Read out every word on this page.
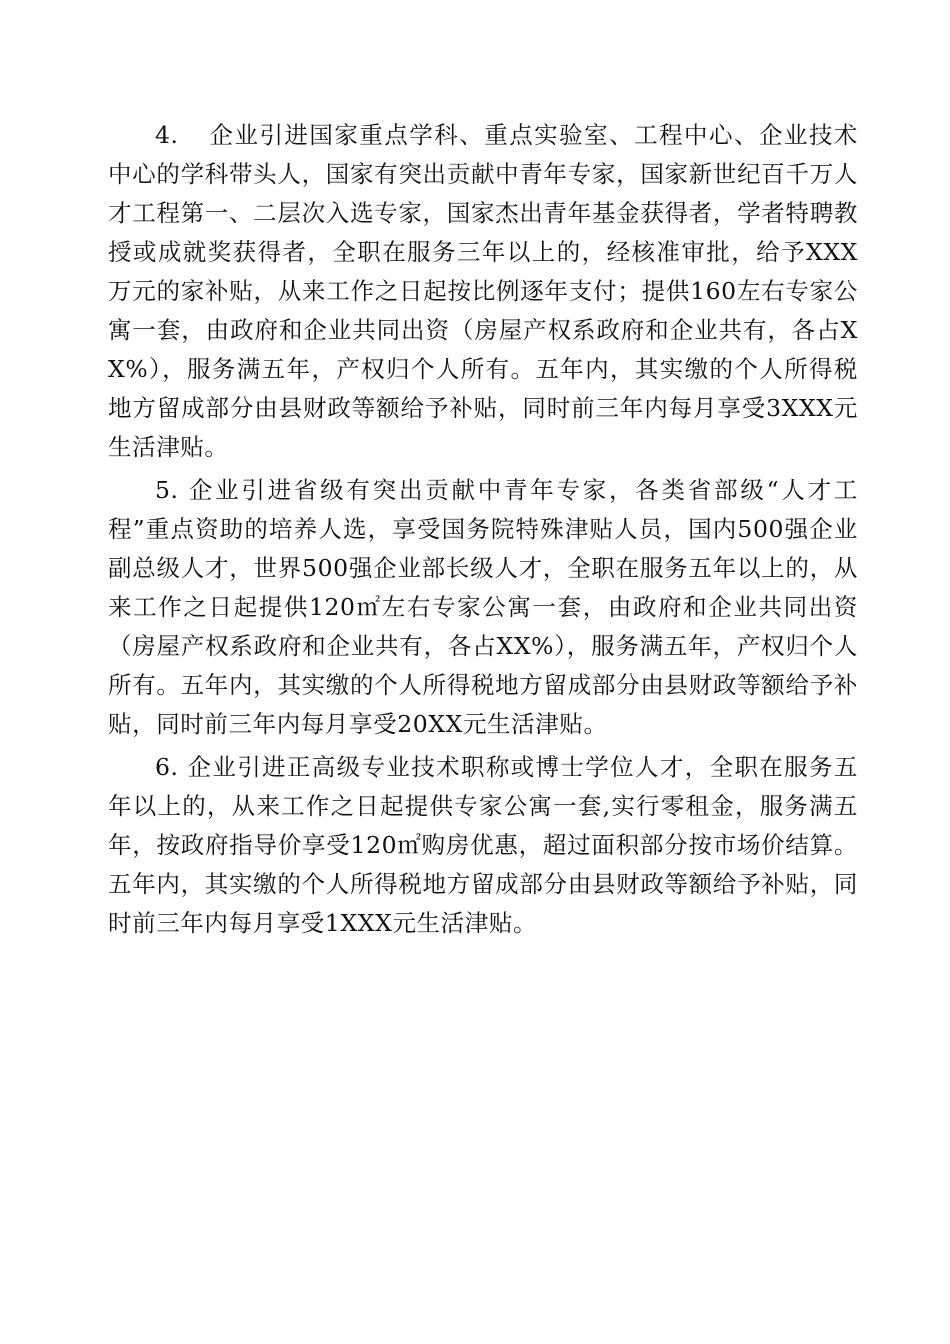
4. 企业引进国家重点学科、重点实验室、工程中心、企业技术中心的学科带头人，国家有突出贡献中青年专家，国家新世纪百千万人才工程第一、二层次入选专家，国家杰出青年基金获得者，学者特聘教授或成就奖获得者，全职在服务三年以上的，经核准审批，给予XXX万元的家补贴，从来工作之日起按比例逐年支付；提供160左右专家公寓一套，由政府和企业共同出资（房屋产权系政府和企业共有，各占XX%），服务满五年，产权归个人所有。五年内，其实缴的个人所得税地方留成部分由县财政等额给予补贴，同时前三年内每月享受3XXX元生活津贴。

5. 企业引进省级有突出贡献中青年专家，各类省部级“人才工程”重点资助的培养人选，享受国务院特殊津贴人员，国内500强企业副总级人才，世界500强企业部长级人才，全职在服务五年以上的，从来工作之日起提供120㎡左右专家公寓一套，由政府和企业共同出资（房屋产权系政府和企业共有，各占XX%），服务满五年，产权归个人所有。五年内，其实缴的个人所得税地方留成部分由县财政等额给予补贴，同时前三年内每月享受20XX元生活津贴。

6. 企业引进正高级专业技术职称或博士学位人才，全职在服务五年以上的，从来工作之日起提供专家公寓一套,实行零租金，服务满五年，按政府指导价享受120㎡购房优惠，超过面积部分按市场价结算。五年内，其实缴的个人所得税地方留成部分由县财政等额给予补贴，同时前三年内每月享受1XXX元生活津贴。
